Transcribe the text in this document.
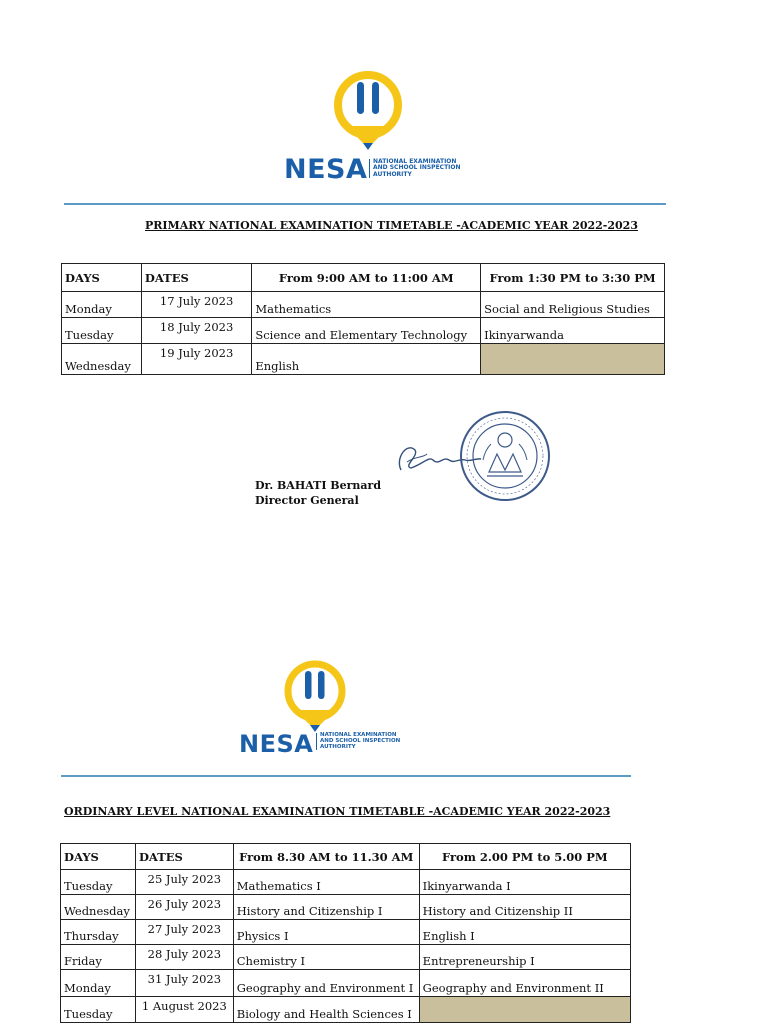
NESA NATIONAL EXAMINATION
AND SCHOOL INSPECTION
AUTHORITY
PRIMARY NATIONAL EXAMINATION TIMETABLE -ACADEMIC YEAR 2022-2023
DAYS	DATES	From 9:00 AM to 11:00 AM	From 1:30 PM to 3:30 PM
Monday	17 July 2023	Mathematics	Social and Religious Studies
Tuesday	18 July 2023	Science and Elementary Technology	Ikinyarwanda
Wednesday	19 July 2023	English	
Dr. BAHATI Bernard
Director General
NESA NATIONAL EXAMINATION
AND SCHOOL INSPECTION
AUTHORITY
ORDINARY LEVEL NATIONAL EXAMINATION TIMETABLE -ACADEMIC YEAR 2022-2023
DAYS	DATES	From 8.30 AM to 11.30 AM	From 2.00 PM to 5.00 PM
Tuesday	25 July 2023	Mathematics I	Ikinyarwanda I
Wednesday	26 July 2023	History and Citizenship I	History and Citizenship II
Thursday	27 July 2023	Physics I	English I
Friday	28 July 2023	Chemistry I	Entrepreneurship I
Monday	31 July 2023	Geography and Environment I	Geography and Environment II
Tuesday	1 August 2023	Biology and Health Sciences I	
